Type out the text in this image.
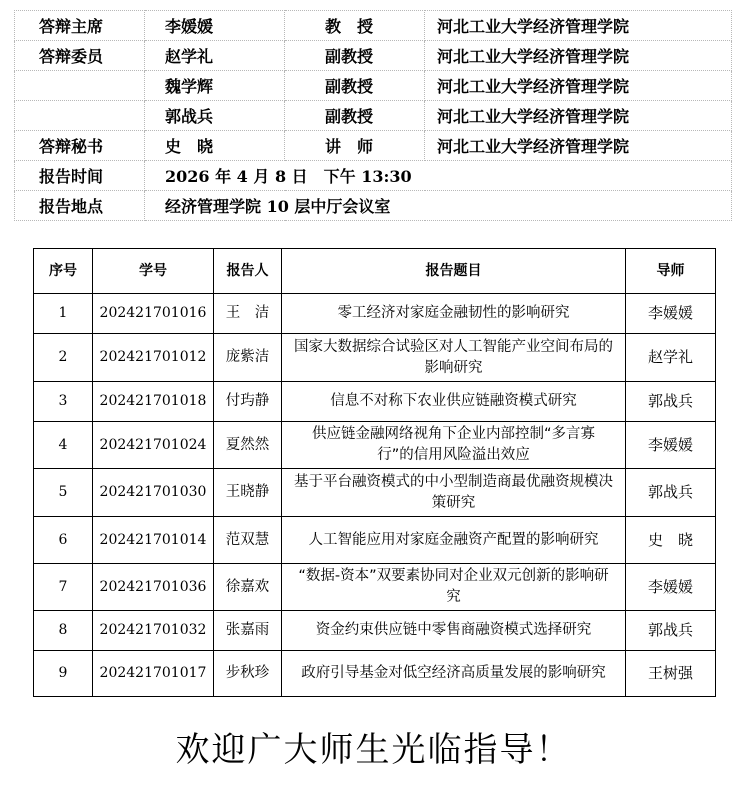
答辩主席	李媛媛	教　授	河北工业大学经济管理学院
答辩委员	赵学礼	副教授	河北工业大学经济管理学院
	魏学辉	副教授	河北工业大学经济管理学院
	郭战兵	副教授	河北工业大学经济管理学院
答辩秘书	史　晓	讲　师	河北工业大学经济管理学院
报告时间	2026 年 4 月 8 日　下午 13:30		
报告地点	经济管理学院 10 层中厅会议室		
序号	学号	报告人	报告题目	导师
1	202421701016	王　洁	零工经济对家庭金融韧性的影响研究	李媛媛
2	202421701012	庞紫洁	国家大数据综合试验区对人工智能产业空间布局的影响研究	赵学礼
3	202421701018	付玙静	信息不对称下农业供应链融资模式研究	郭战兵
4	202421701024	夏然然	供应链金融网络视角下企业内部控制“多言寡行”的信用风险溢出效应	李媛媛
5	202421701030	王晓静	基于平台融资模式的中小型制造商最优融资规模决策研究	郭战兵
6	202421701014	范双慧	人工智能应用对家庭金融资产配置的影响研究	史　晓
7	202421701036	徐嘉欢	“数据-资本”双要素协同对企业双元创新的影响研究	李媛媛
8	202421701032	张嘉雨	资金约束供应链中零售商融资模式选择研究	郭战兵
9	202421701017	步秋珍	政府引导基金对低空经济高质量发展的影响研究	王树强
欢迎广大师生光临指导！
